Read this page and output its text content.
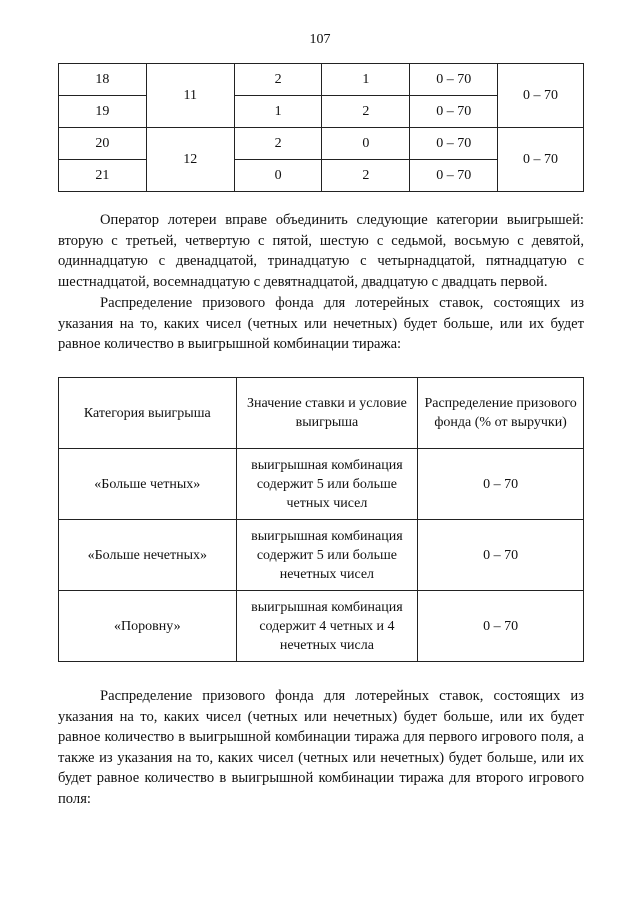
107
18	11	2	1	0 – 70	0 – 70
19		1	2	0 – 70	
20	12	2	0	0 – 70	0 – 70
21		0	2	0 – 70	

Оператор лотереи вправе объединить следующие категории выигрышей: вторую с третьей, четвертую с пятой, шестую с седьмой, восьмую с девятой, одиннадцатую с двенадцатой, тринадцатую с четырнадцатой, пятнадцатую с шестнадцатой, восемнадцатую с девятнадцатой, двадцатую с двадцать первой.

Распределение призового фонда для лотерейных ставок, состоящих из указания на то, каких чисел (четных или нечетных) будет больше, или их будет равное количество в выигрышной комбинации тиража:

Категория выигрыша	Значение ставки и условие выигрыша	Распределение призового фонда (% от выручки)
«Больше четных»	выигрышная комбинация содержит 5 или больше четных чисел	0 – 70
«Больше нечетных»	выигрышная комбинация содержит 5 или больше нечетных чисел	0 – 70
«Поровну»	выигрышная комбинация содержит 4 четных и 4 нечетных числа	0 – 70

Распределение призового фонда для лотерейных ставок, состоящих из указания на то, каких чисел (четных или нечетных) будет больше, или их будет равное количество в выигрышной комбинации тиража для первого игрового поля, а также из указания на то, каких чисел (четных или нечетных) будет больше, или их будет равное количество в выигрышной комбинации тиража для второго игрового поля:
